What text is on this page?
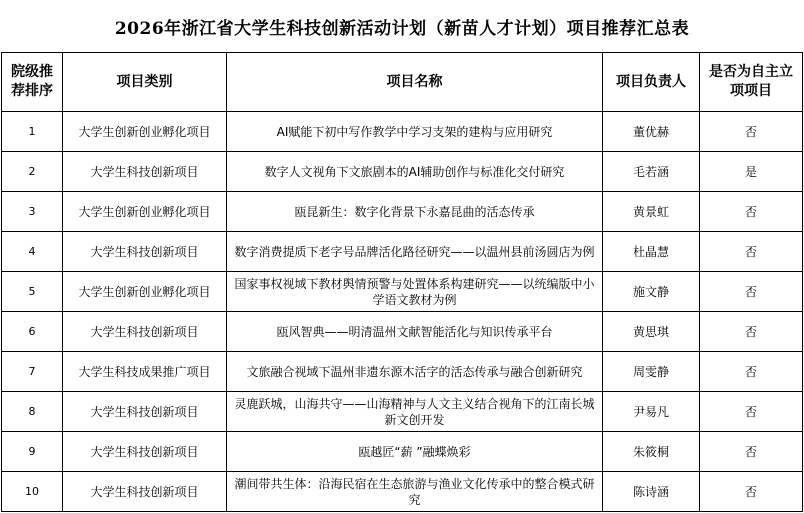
2026年浙江省大学生科技创新活动计划（新苗人才计划）项目推荐汇总表
院级推荐排序	项目类别	项目名称	项目负责人	是否为自主立项项目
1	大学生创新创业孵化项目	AI赋能下初中写作教学中学习支架的建构与应用研究	董优赫	否
2	大学生科技创新项目	数字人文视角下文旅剧本的AI辅助创作与标准化交付研究	毛若涵	是
3	大学生创新创业孵化项目	瓯昆新生：数字化背景下永嘉昆曲的活态传承	黄景虹	否
4	大学生科技创新项目	数字消费提质下老字号品牌活化路径研究——以温州县前汤圆店为例	杜晶慧	否
5	大学生创新创业孵化项目	国家事权视域下教材舆情预警与处置体系构建研究——以统编版中小学语文教材为例	施文静	否
6	大学生科技创新项目	瓯风智典——明清温州文献智能活化与知识传承平台	黄思琪	否
7	大学生科技成果推广项目	文旅融合视域下温州非遗东源木活字的活态传承与融合创新研究	周雯静	否
8	大学生科技创新项目	灵鹿跃城，山海共守——山海精神与人文主义结合视角下的江南长城新文创开发	尹易凡	否
9	大学生科技创新项目	瓯越匠“薪 ”融蝶焕彩	朱筱桐	否
10	大学生科技创新项目	潮间带共生体：沿海民宿在生态旅游与渔业文化传承中的整合模式研究	陈诗涵	否
